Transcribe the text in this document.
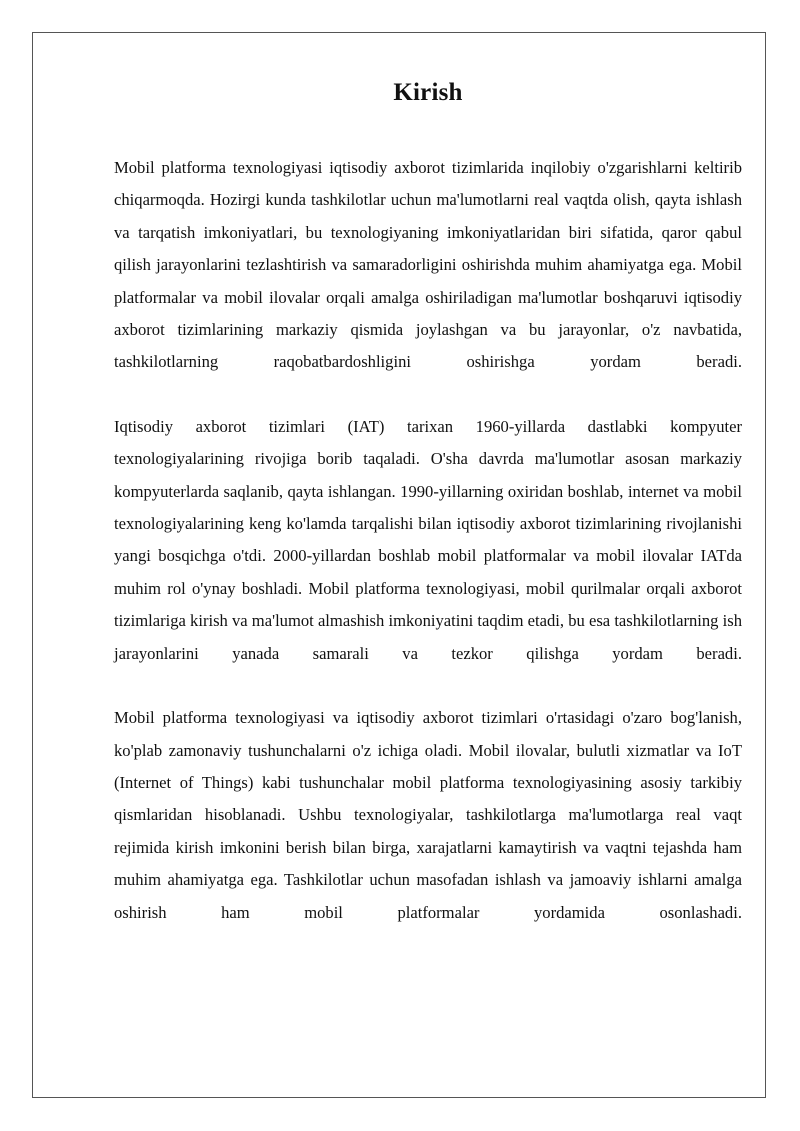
Kirish

Mobil platforma texnologiyasi iqtisodiy axborot tizimlarida inqilobiy o'zgarishlarni keltirib chiqarmoqda. Hozirgi kunda tashkilotlar uchun ma'lumotlarni real vaqtda olish, qayta ishlash va tarqatish imkoniyatlari, bu texnologiyaning imkoniyatlaridan biri sifatida, qaror qabul qilish jarayonlarini tezlashtirish va samaradorligini oshirishda muhim ahamiyatga ega. Mobil platformalar va mobil ilovalar orqali amalga oshiriladigan ma'lumotlar boshqaruvi iqtisodiy axborot tizimlarining markaziy qismida joylashgan va bu jarayonlar, o'z navbatida, tashkilotlarning raqobatbardoshligini oshirishga yordam beradi.

Iqtisodiy axborot tizimlari (IAT) tarixan 1960-yillarda dastlabki kompyuter texnologiyalarining rivojiga borib taqaladi. O'sha davrda ma'lumotlar asosan markaziy kompyuterlarda saqlanib, qayta ishlangan. 1990-yillarning oxiridan boshlab, internet va mobil texnologiyalarining keng ko'lamda tarqalishi bilan iqtisodiy axborot tizimlarining rivojlanishi yangi bosqichga o'tdi. 2000-yillardan boshlab mobil platformalar va mobil ilovalar IATda muhim rol o'ynay boshladi. Mobil platforma texnologiyasi, mobil qurilmalar orqali axborot tizimlariga kirish va ma'lumot almashish imkoniyatini taqdim etadi, bu esa tashkilotlarning ish jarayonlarini yanada samarali va tezkor qilishga yordam beradi.

Mobil platforma texnologiyasi va iqtisodiy axborot tizimlari o'rtasidagi o'zaro bog'lanish, ko'plab zamonaviy tushunchalarni o'z ichiga oladi. Mobil ilovalar, bulutli xizmatlar va IoT (Internet of Things) kabi tushunchalar mobil platforma texnologiyasining asosiy tarkibiy qismlaridan hisoblanadi. Ushbu texnologiyalar, tashkilotlarga ma'lumotlarga real vaqt rejimida kirish imkonini berish bilan birga, xarajatlarni kamaytirish va vaqtni tejashda ham muhim ahamiyatga ega. Tashkilotlar uchun masofadan ishlash va jamoaviy ishlarni amalga oshirish ham mobil platformalar yordamida osonlashadi.
